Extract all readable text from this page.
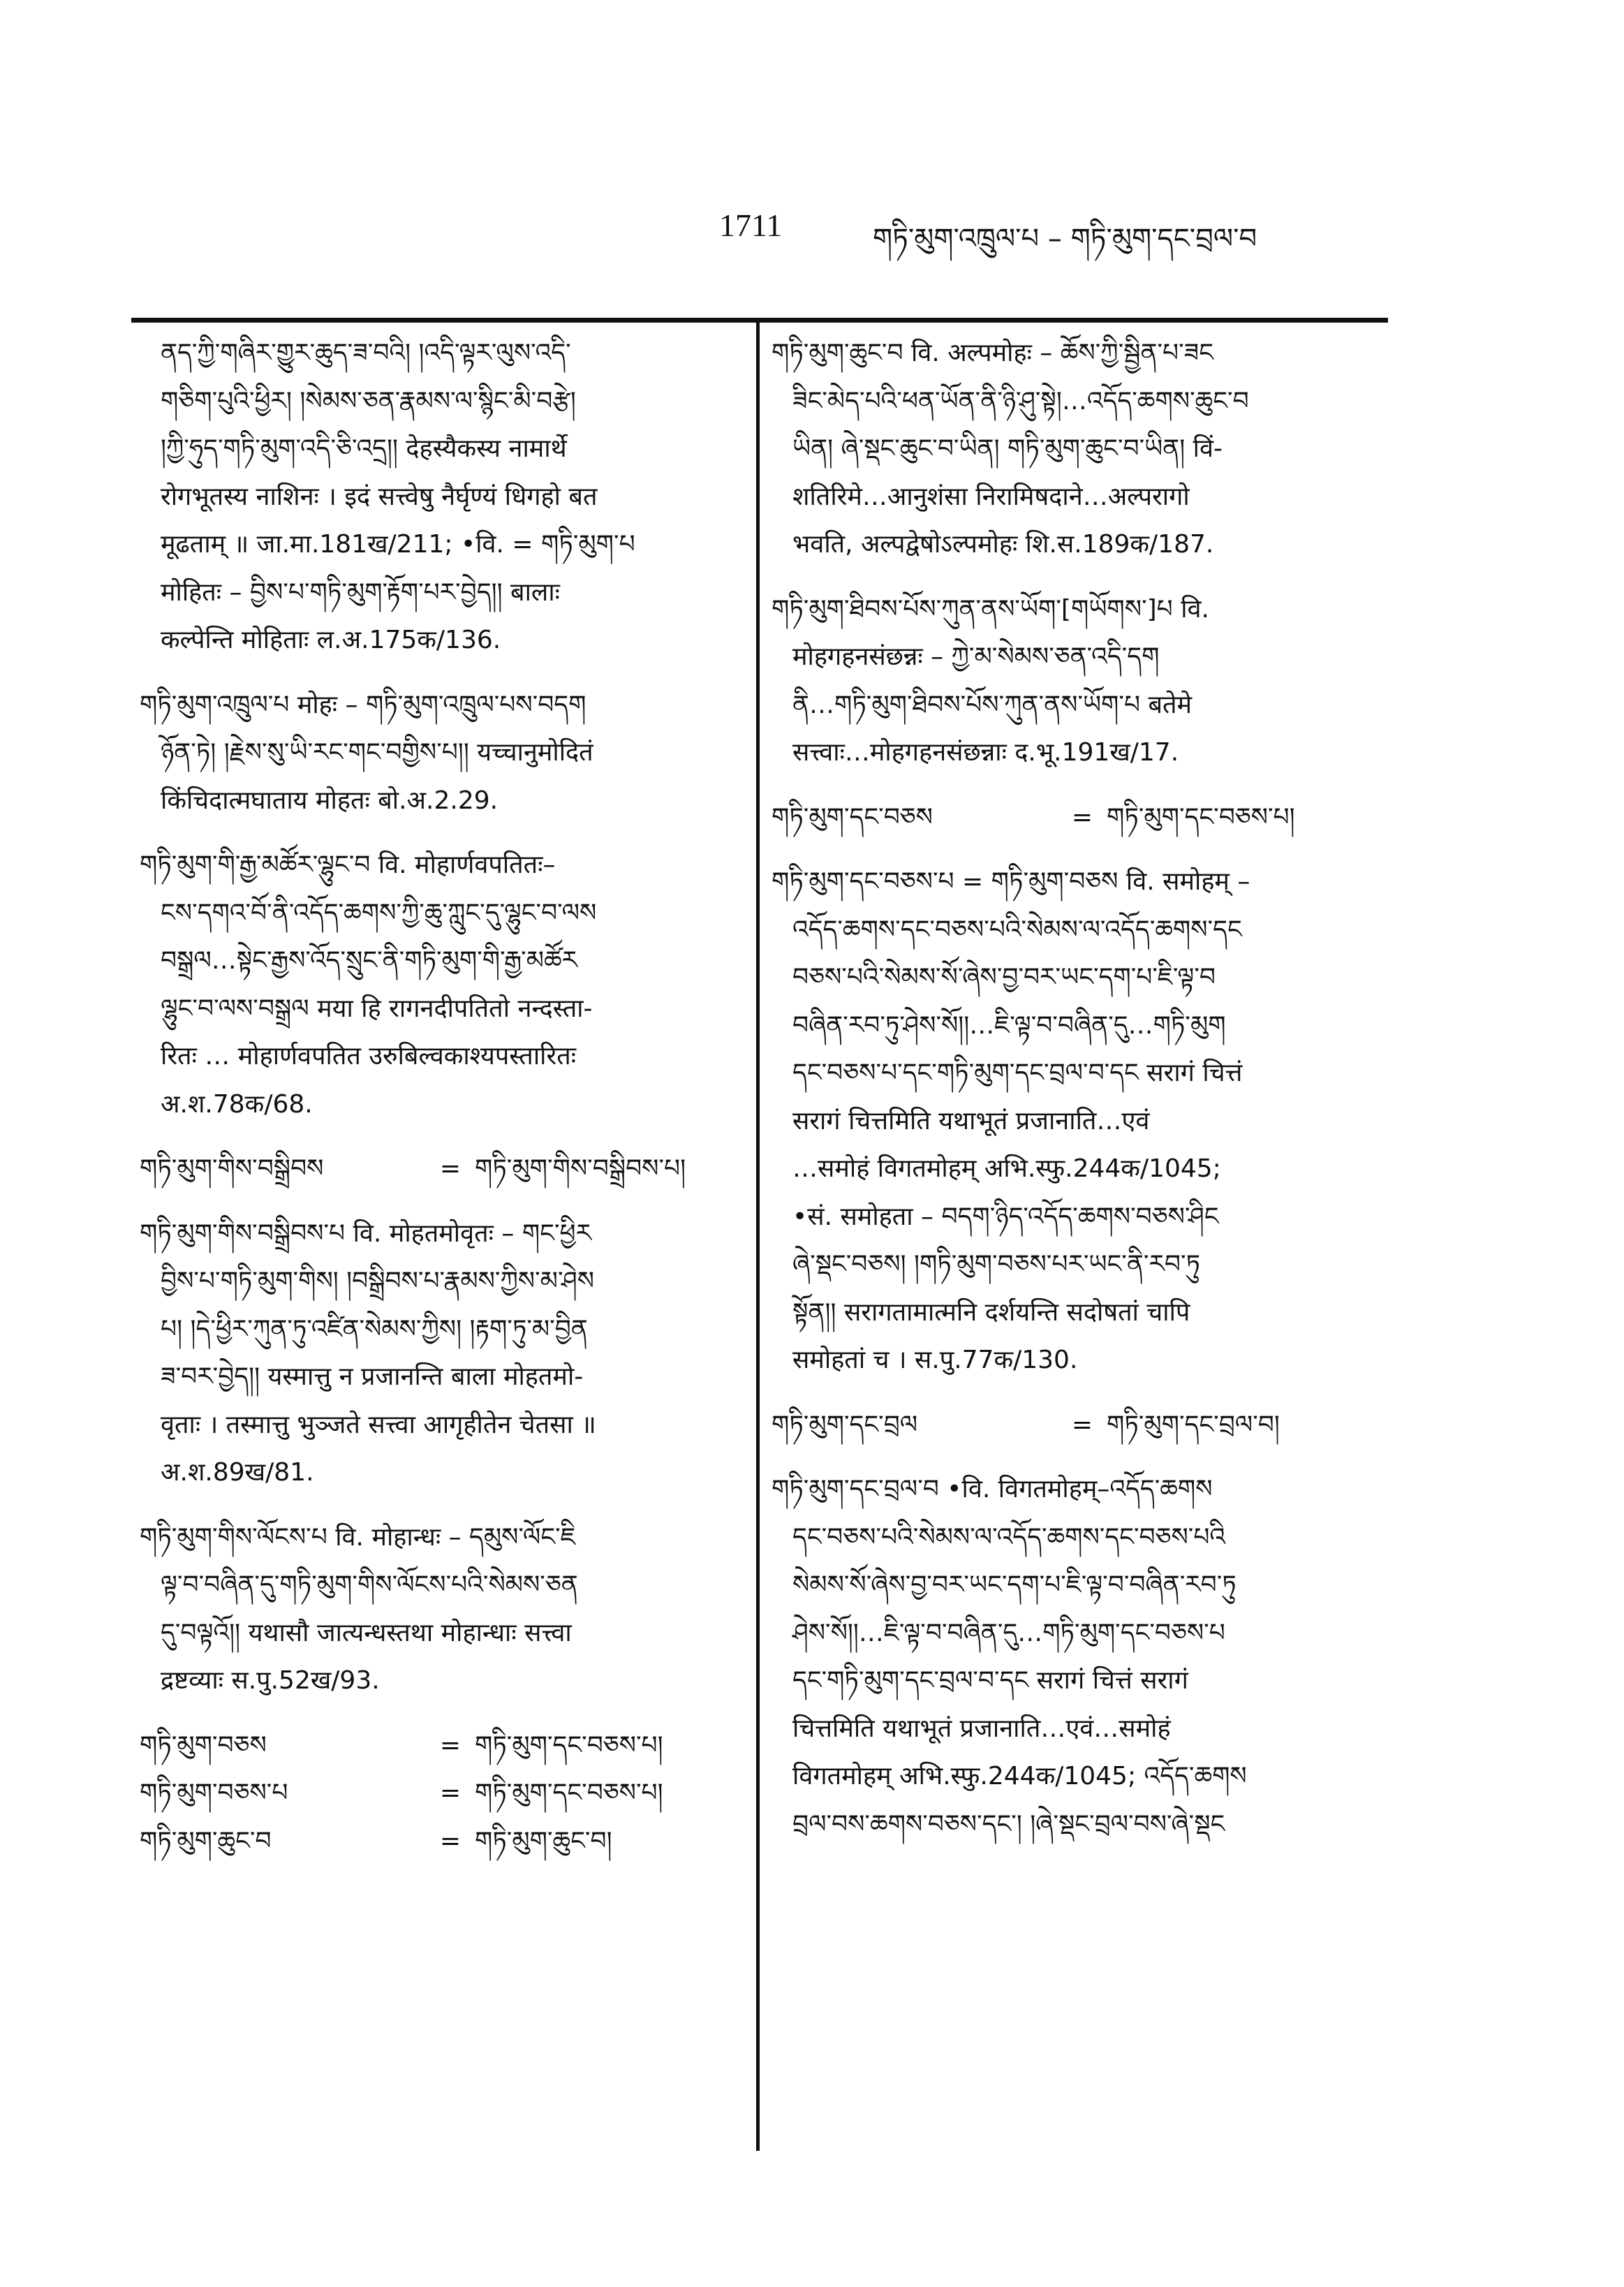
1711	གཏི་མུག་འཁྲུལ་པ – གཏི་མུག་དང་བྲལ་བ
ནད་ཀྱི་གཞིར་གྱུར་ཆུད་ཟ་བའི། །འདི་ལྟར་ལུས་འདི་
གཅིག་པུའི་ཕྱིར། །སེམས་ཅན་རྣམས་ལ་སྙིང་མི་བརྩེ།
།ཀྱི་ཧུད་གཏི་མུག་འདི་ཅི་འདྲ།། देहस्यैकस्य नामार्थे
रोगभूतस्य नाशिनः । इदं सत्त्वेषु नैर्घृण्यं धिगहो बत
मूढताम् ॥ जा.मा.181ख/211; •वि. = གཏི་མུག་པ
मोहितः – བྱིས་པ་གཏི་མུག་རྟོག་པར་བྱེད།། बालाः
कल्पेन्ति मोहिताः ल.अ.175क/136.
གཏི་མུག་འཁྲུལ་པ मोहः – གཏི་མུག་འཁྲུལ་པས་བདག
ཉོན་ཏེ། །རྗེས་སུ་ཡི་རང་གང་བགྱིས་པ།། यच्चानुमोदितं
किंचिदात्मघाताय मोहतः बो.अ.2.29.
གཏི་མུག་གི་རྒྱ་མཚོར་ལྷུང་བ वि. मोहार्णवपतितः–
ངས་དགའ་བོ་ནི་འདོད་ཆགས་ཀྱི་ཆུ་ཀླུང་དུ་ལྷུང་བ་ལས
བསྒྲལ…སྟེང་རྒྱས་འོད་སྲུང་ནི་གཏི་མུག་གི་རྒྱ་མཚོར
ལྷུང་བ་ལས་བསྒྲལ मया हि रागनदीपतितो नन्दस्ता-
रितः … मोहार्णवपतित उरुबिल्वकाश्यपस्तारितः
अ.श.78क/68.
གཏི་མུག་གིས་བསྒྲིབས	= གཏི་མུག་གིས་བསྒྲིབས་པ།
གཏི་མུག་གིས་བསྒྲིབས་པ वि. मोहतमोवृतः – གང་ཕྱིར
བྱིས་པ་གཏི་མུག་གིས། །བསྒྲིབས་པ་རྣམས་ཀྱིས་མ་ཤེས
པ། །དེ་ཕྱིར་ཀུན་ཏུ་འཛིན་སེམས་ཀྱིས། །རྟག་ཏུ་མ་བྱིན
ཟ་བར་བྱེད།། यस्मात्तु न प्रजानन्ति बाला मोहतमो-
वृताः । तस्मात्तु भुञ्जते सत्त्वा आगृहीतेन चेतसा ॥
अ.श.89ख/81.
གཏི་མུག་གིས་ལོངས་པ वि. मोहान्धः – དམུས་ལོང་ཇི
ལྟ་བ་བཞིན་དུ་གཏི་མུག་གིས་ལོངས་པའི་སེམས་ཅན
དུ་བལྟའོ།། यथासौ जात्यन्धस्तथा मोहान्धाः सत्त्वा
द्रष्टव्याः स.पु.52ख/93.
གཏི་མུག་བཅས	= གཏི་མུག་དང་བཅས་པ།
གཏི་མུག་བཅས་པ	= གཏི་མུག་དང་བཅས་པ།
གཏི་མུག་ཆུང་བ	= གཏི་མུག་ཆུང་བ།
གཏི་མུག་ཆུང་བ वि. अल्पमोहः – ཆོས་ཀྱི་སྦྱིན་པ་ཟང
ཟིང་མེད་པའི་ཕན་ཡོན་ནི་ཉི་ཤུ་སྟེ།…འདོད་ཆགས་ཆུང་བ
ཡིན། ཞེ་སྡང་ཆུང་བ་ཡིན། གཏི་མུག་ཆུང་བ་ཡིན། विं-
शतिरिमे…आनुशंसा निरामिषदाने…अल्परागो
भवति, अल्पद्वेषोऽल्पमोहः शि.स.189क/187.
གཏི་མུག་ཐིབས་པོས་ཀུན་ནས་ཡོག་[གཡོགས་]པ वि.
मोहगहनसंछन्नः – ཀྱེ་མ་སེམས་ཅན་འདི་དག
ནི…གཏི་མུག་ཐིབས་པོས་ཀུན་ནས་ཡོག་པ बतेमे
सत्त्वाः…मोहगहनसंछन्नाः द.भू.191ख/17.
གཏི་མུག་དང་བཅས	= གཏི་མུག་དང་བཅས་པ།
གཏི་མུག་དང་བཅས་པ = གཏི་མུག་བཅས वि. समोहम् –
འདོད་ཆགས་དང་བཅས་པའི་སེམས་ལ་འདོད་ཆགས་དང
བཅས་པའི་སེམས་སོ་ཞེས་བྱ་བར་ཡང་དག་པ་ཇི་ལྟ་བ
བཞིན་རབ་ཏུ་ཤེས་སོ།།…ཇི་ལྟ་བ་བཞིན་དུ…གཏི་མུག
དང་བཅས་པ་དང་གཏི་མུག་དང་བྲལ་བ་དང सरागं चित्तं
सरागं चित्तमिति यथाभूतं प्रजानाति…एवं
…समोहं विगतमोहम् अभि.स्फु.244क/1045;
•सं. समोहता – བདག་ཉིད་འདོད་ཆགས་བཅས་ཤིང
ཞེ་སྡང་བཅས། །གཏི་མུག་བཅས་པར་ཡང་ནི་རབ་ཏུ
སྟོན།། सरागतामात्मनि दर्शयन्ति सदोषतां चापि
समोहतां च । स.पु.77क/130.
གཏི་མུག་དང་བྲལ	= གཏི་མུག་དང་བྲལ་བ།
གཏི་མུག་དང་བྲལ་བ •वि. विगतमोहम्–འདོད་ཆགས
དང་བཅས་པའི་སེམས་ལ་འདོད་ཆགས་དང་བཅས་པའི
སེམས་སོ་ཞེས་བྱ་བར་ཡང་དག་པ་ཇི་ལྟ་བ་བཞིན་རབ་ཏུ
ཤེས་སོ།།…ཇི་ལྟ་བ་བཞིན་དུ…གཏི་མུག་དང་བཅས་པ
དང་གཏི་མུག་དང་བྲལ་བ་དང सरागं चित्तं सरागं
चित्तमिति यथाभूतं प्रजानाति…एवं…समोहं
विगतमोहम् अभि.स्फु.244क/1045; འདོད་ཆགས
བྲལ་བས་ཆགས་བཅས་དང་། །ཞེ་སྡང་བྲལ་བས་ཞེ་སྡང
